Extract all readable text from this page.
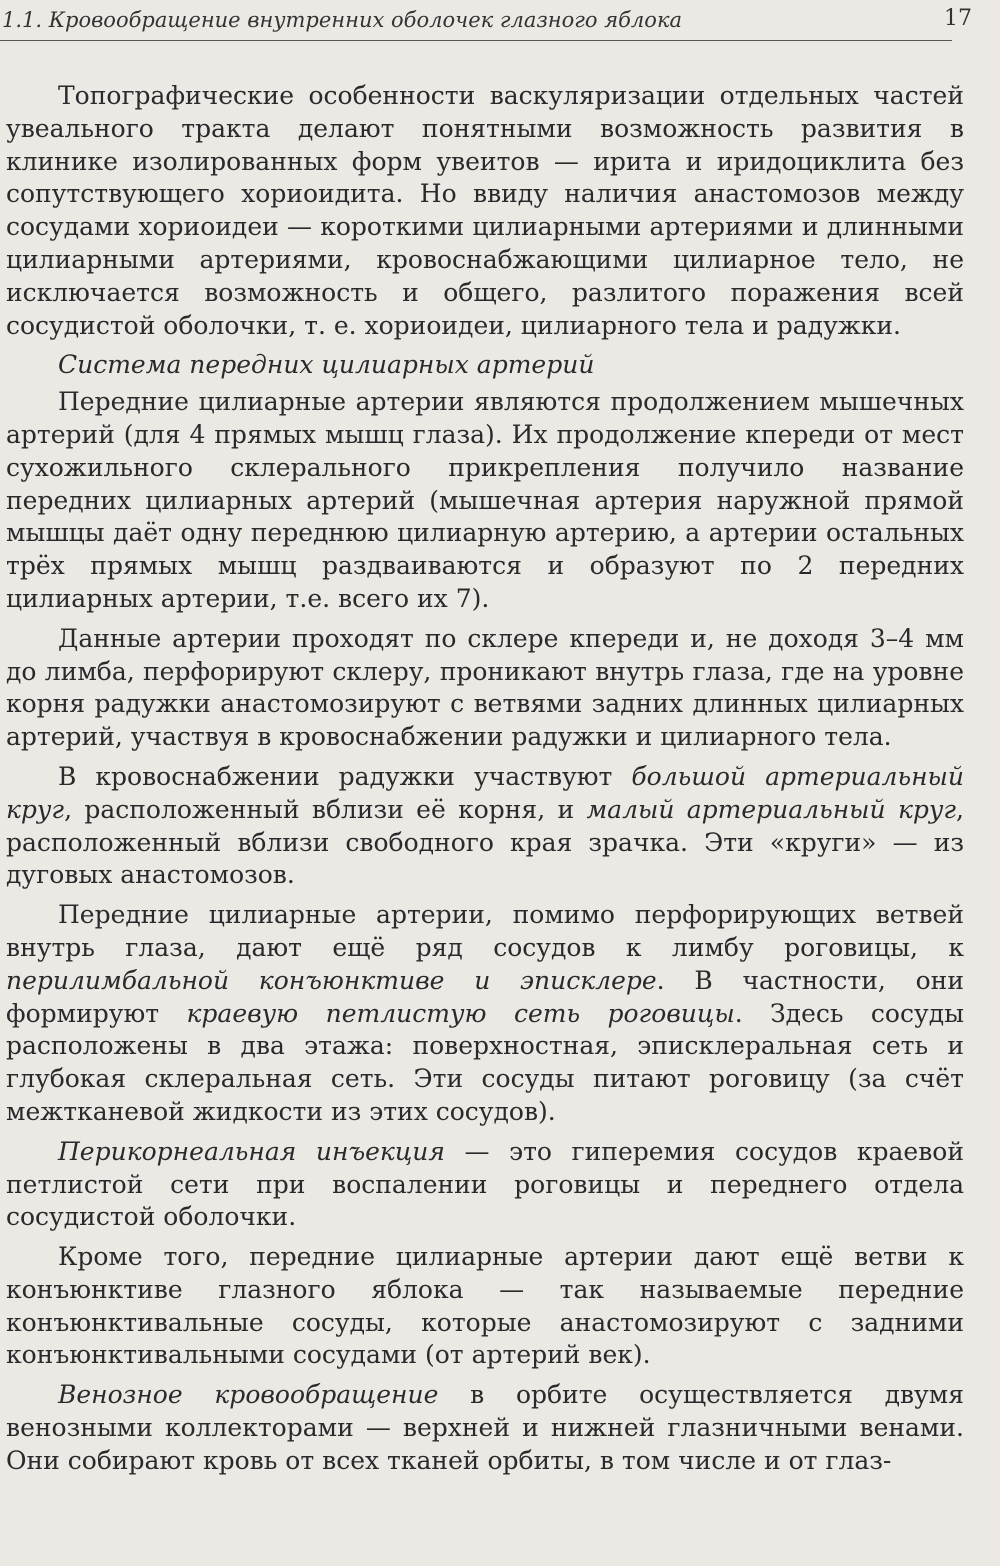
1.1. Кровообращение внутренних оболочек глазного яблока	17

Топографические особенности васкуляризации отдельных частей увеального тракта делают понятными возможность развития в клинике изолированных форм увеитов — ирита и иридоциклита без сопутствующего хориоидита. Но ввиду наличия анастомозов между сосудами хориоидеи — короткими цилиарными артериями и длинными цилиарными артериями, кровоснабжающими цилиарное тело, не исключается возможность и общего, разлитого поражения всей сосудистой оболочки, т. е. хориоидеи, цилиарного тела и радужки.

Система передних цилиарных артерий

Передние цилиарные артерии являются продолжением мышечных артерий (для 4 прямых мышц глаза). Их продолжение кпереди от мест сухожильного склерального прикрепления получило название передних цилиарных артерий (мышечная артерия наружной прямой мышцы даёт одну переднюю цилиарную артерию, а артерии остальных трёх прямых мышц раздваиваются и образуют по 2 передних цилиарных артерии, т.е. всего их 7).

Данные артерии проходят по склере кпереди и, не доходя 3–4 мм до лимба, перфорируют склеру, проникают внутрь глаза, где на уровне корня радужки анастомозируют с ветвями задних длинных цилиарных артерий, участвуя в кровоснабжении радужки и цилиарного тела.

В кровоснабжении радужки участвуют большой артериальный круг, расположенный вблизи её корня, и малый артериальный круг, расположенный вблизи свободного края зрачка. Эти «круги» — из дуговых анастомозов.

Передние цилиарные артерии, помимо перфорирующих ветвей внутрь глаза, дают ещё ряд сосудов к лимбу роговицы, к перилимбальной конъюнктиве и эписклере. В частности, они формируют краевую петлистую сеть роговицы. Здесь сосуды расположены в два этажа: поверхностная, эписклеральная сеть и глубокая склеральная сеть. Эти сосуды питают роговицу (за счёт межтканевой жидкости из этих сосудов).

Перикорнеальная инъекция — это гиперемия сосудов краевой петлистой сети при воспалении роговицы и переднего отдела сосудистой оболочки.

Кроме того, передние цилиарные артерии дают ещё ветви к конъюнктиве глазного яблока — так называемые передние конъюнктивальные сосуды, которые анастомозируют с задними конъюнктивальными сосудами (от артерий век).

Венозное кровообращение в орбите осуществляется двумя венозными коллекторами — верхней и нижней глазничными венами. Они собирают кровь от всех тканей орбиты, в том числе и от глаз-
